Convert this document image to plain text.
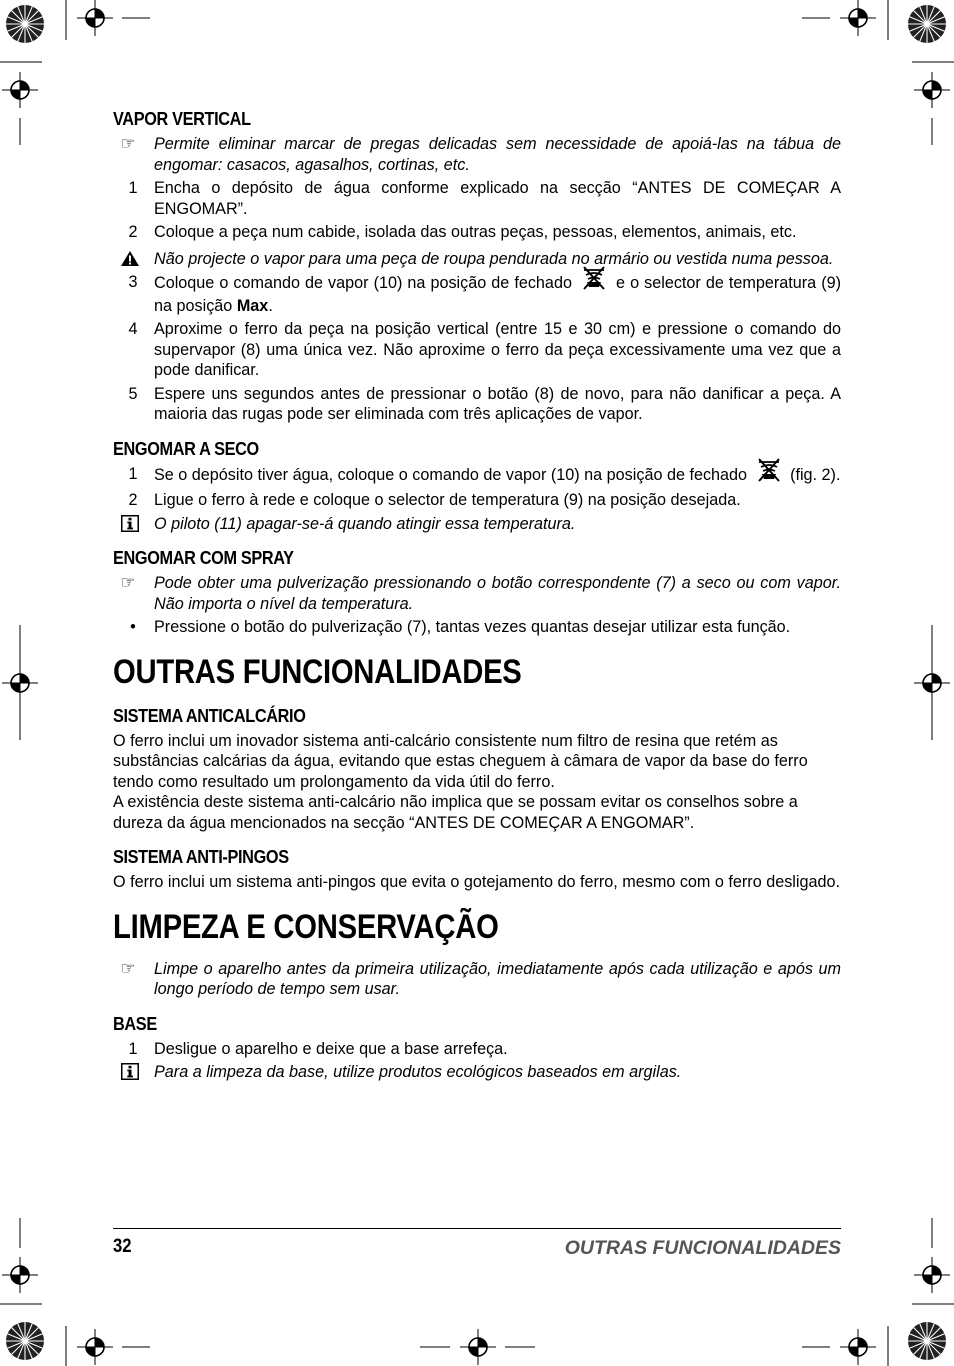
VAPOR VERTICAL
☞	Permite eliminar marcar de pregas delicadas sem necessidade de apoiá-las na tábua de engomar: casacos, agasalhos, cortinas, etc.
1	Encha o depósito de água conforme explicado na secção “ANTES DE COMEÇAR A ENGOMAR”.
2	Coloque a peça num cabide, isolada das outras peças, pessoas, elementos, animais, etc.
Não projecte o vapor para uma peça de roupa pendurada no armário ou vestida numa pessoa.
3	Coloque o comando de vapor (10) na posição de fechado	e o selector de temperatura (9) na posição Max.
4	Aproxime o ferro da peça na posição vertical (entre 15 e 30 cm) e pressione o comando do supervapor (8) uma única vez. Não aproxime o ferro da peça excessivamente uma vez que a pode danificar.
5	Espere uns segundos antes de pressionar o botão (8) de novo, para não danificar a peça. A maioria das rugas pode ser eliminada com três aplicações de vapor.
ENGOMAR A SECO
1	Se o depósito tiver água, coloque o comando de vapor (10) na posição de fechado	(fig. 2).
2	Ligue o ferro à rede e coloque o selector de temperatura (9) na posição desejada.
O piloto (11) apagar-se-á quando atingir essa temperatura.
ENGOMAR COM SPRAY
☞	Pode obter uma pulverização pressionando o botão correspondente (7) a seco ou com vapor. Não importa o nível da temperatura.
•	Pressione o botão do pulverização (7), tantas vezes quantas desejar utilizar esta função.
OUTRAS FUNCIONALIDADES
SISTEMA ANTICALCÁRIO

O ferro inclui um inovador sistema anti-calcário consistente num filtro de resina que retém as substâncias calcárias da água, evitando que estas cheguem à câmara de vapor da base do ferro tendo como resultado um prolongamento da vida útil do ferro.

A existência deste sistema anti-calcário não implica que se possam evitar os conselhos sobre a dureza da água mencionados na secção “ANTES DE COMEÇAR A ENGOMAR”.

SISTEMA ANTI-PINGOS

O ferro inclui um sistema anti-pingos que evita o gotejamento do ferro, mesmo com o ferro desligado.

LIMPEZA E CONSERVAÇÃO
☞	Limpe o aparelho antes da primeira utilização, imediatamente após cada utilização e após um longo período de tempo sem usar.
BASE
1	Desligue o aparelho e deixe que a base arrefeça.
Para a limpeza da base, utilize produtos ecológicos baseados em argilas.
32	OUTRAS FUNCIONALIDADES
